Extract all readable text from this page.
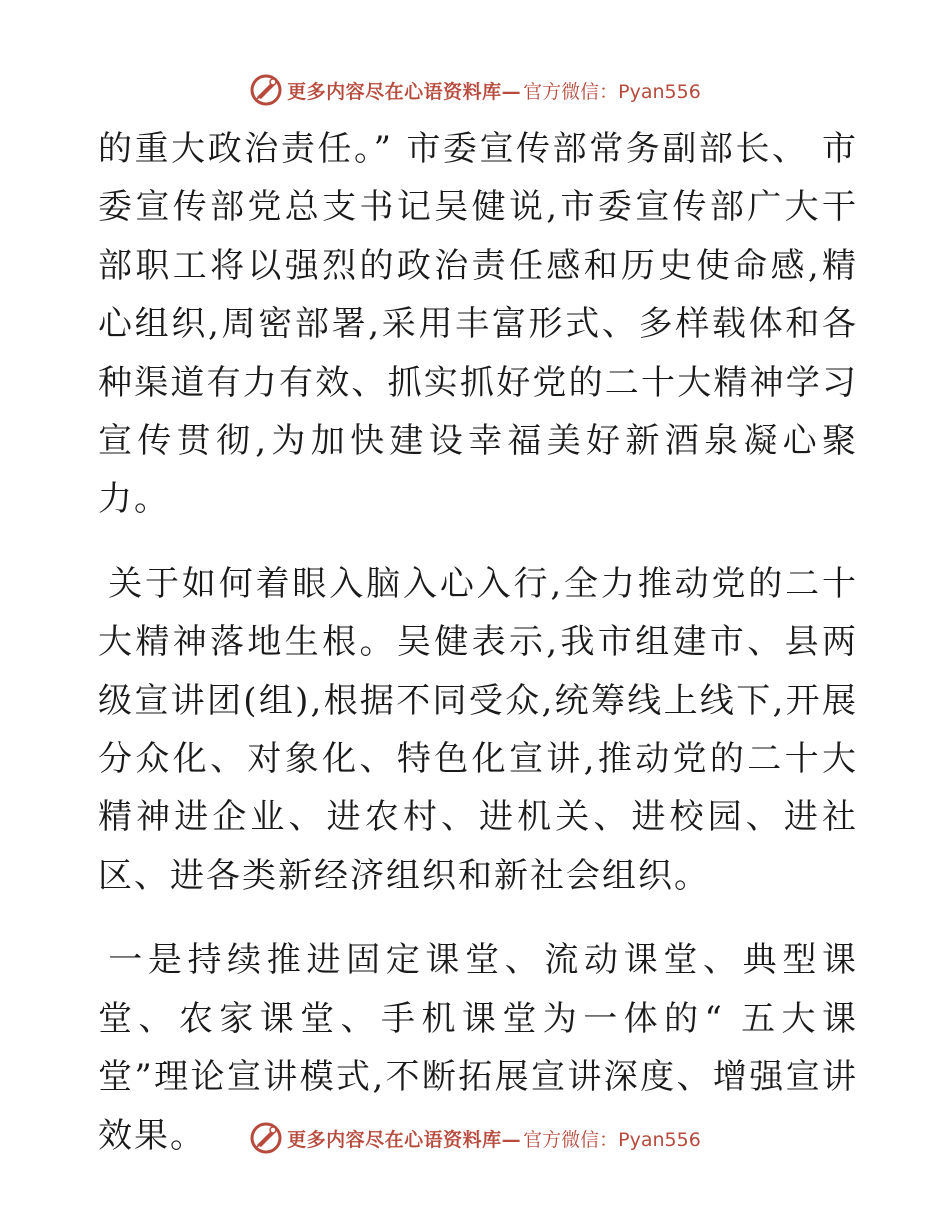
更多内容尽在心语资料库— 官方微信：Pyan556

的重大政治责任。” 市委宣传部常务副部长、 市委宣传部党总支书记吴健说,市委宣传部广大干部职工将以强烈的政治责任感和历史使命感,精心组织,周密部署,采用丰富形式、多样载体和各种渠道有力有效、抓实抓好党的二十大精神学习宣传贯彻,为加快建设幸福美好新酒泉凝心聚力。

关于如何着眼入脑入心入行,全力推动党的二十大精神落地生根。吴健表示,我市组建市、县两级宣讲团(组),根据不同受众,统筹线上线下,开展分众化、对象化、特色化宣讲,推动党的二十大精神进企业、进农村、进机关、进校园、进社区、进各类新经济组织和新社会组织。

一是持续推进固定课堂、流动课堂、典型课堂、农家课堂、手机课堂为一体的“ 五大课堂”理论宣讲模式,不断拓展宣讲深度、增强宣讲效果。	更多内容尽在心语资料库— 官方微信：Pyan556
